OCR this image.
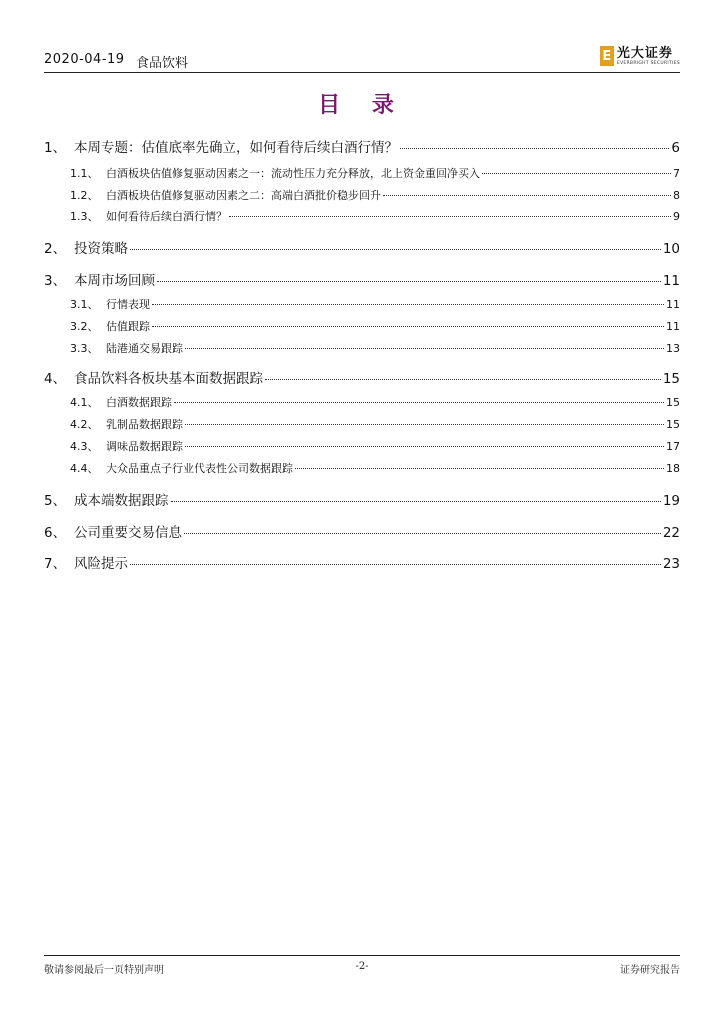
2020-04-19 食品饮料	E 光大证券
EVERBRIGHT SECURITIES
目 录
1、 本周专题：估值底率先确立，如何看待后续白酒行情？	6
1.1、 白酒板块估值修复驱动因素之一：流动性压力充分释放，北上资金重回净买入	7
1.2、 白酒板块估值修复驱动因素之二：高端白酒批价稳步回升	8
1.3、 如何看待后续白酒行情？	9
2、 投资策略	10
3、 本周市场回顾	11
3.1、 行情表现	11
3.2、 估值跟踪	11
3.3、 陆港通交易跟踪	13
4、 食品饮料各板块基本面数据跟踪	15
4.1、 白酒数据跟踪	15
4.2、 乳制品数据跟踪	15
4.3、 调味品数据跟踪	17
4.4、 大众品重点子行业代表性公司数据跟踪	18
5、 成本端数据跟踪	19
6、 公司重要交易信息	22
7、 风险提示	23
敬请参阅最后一页特别声明	-2-	证券研究报告
